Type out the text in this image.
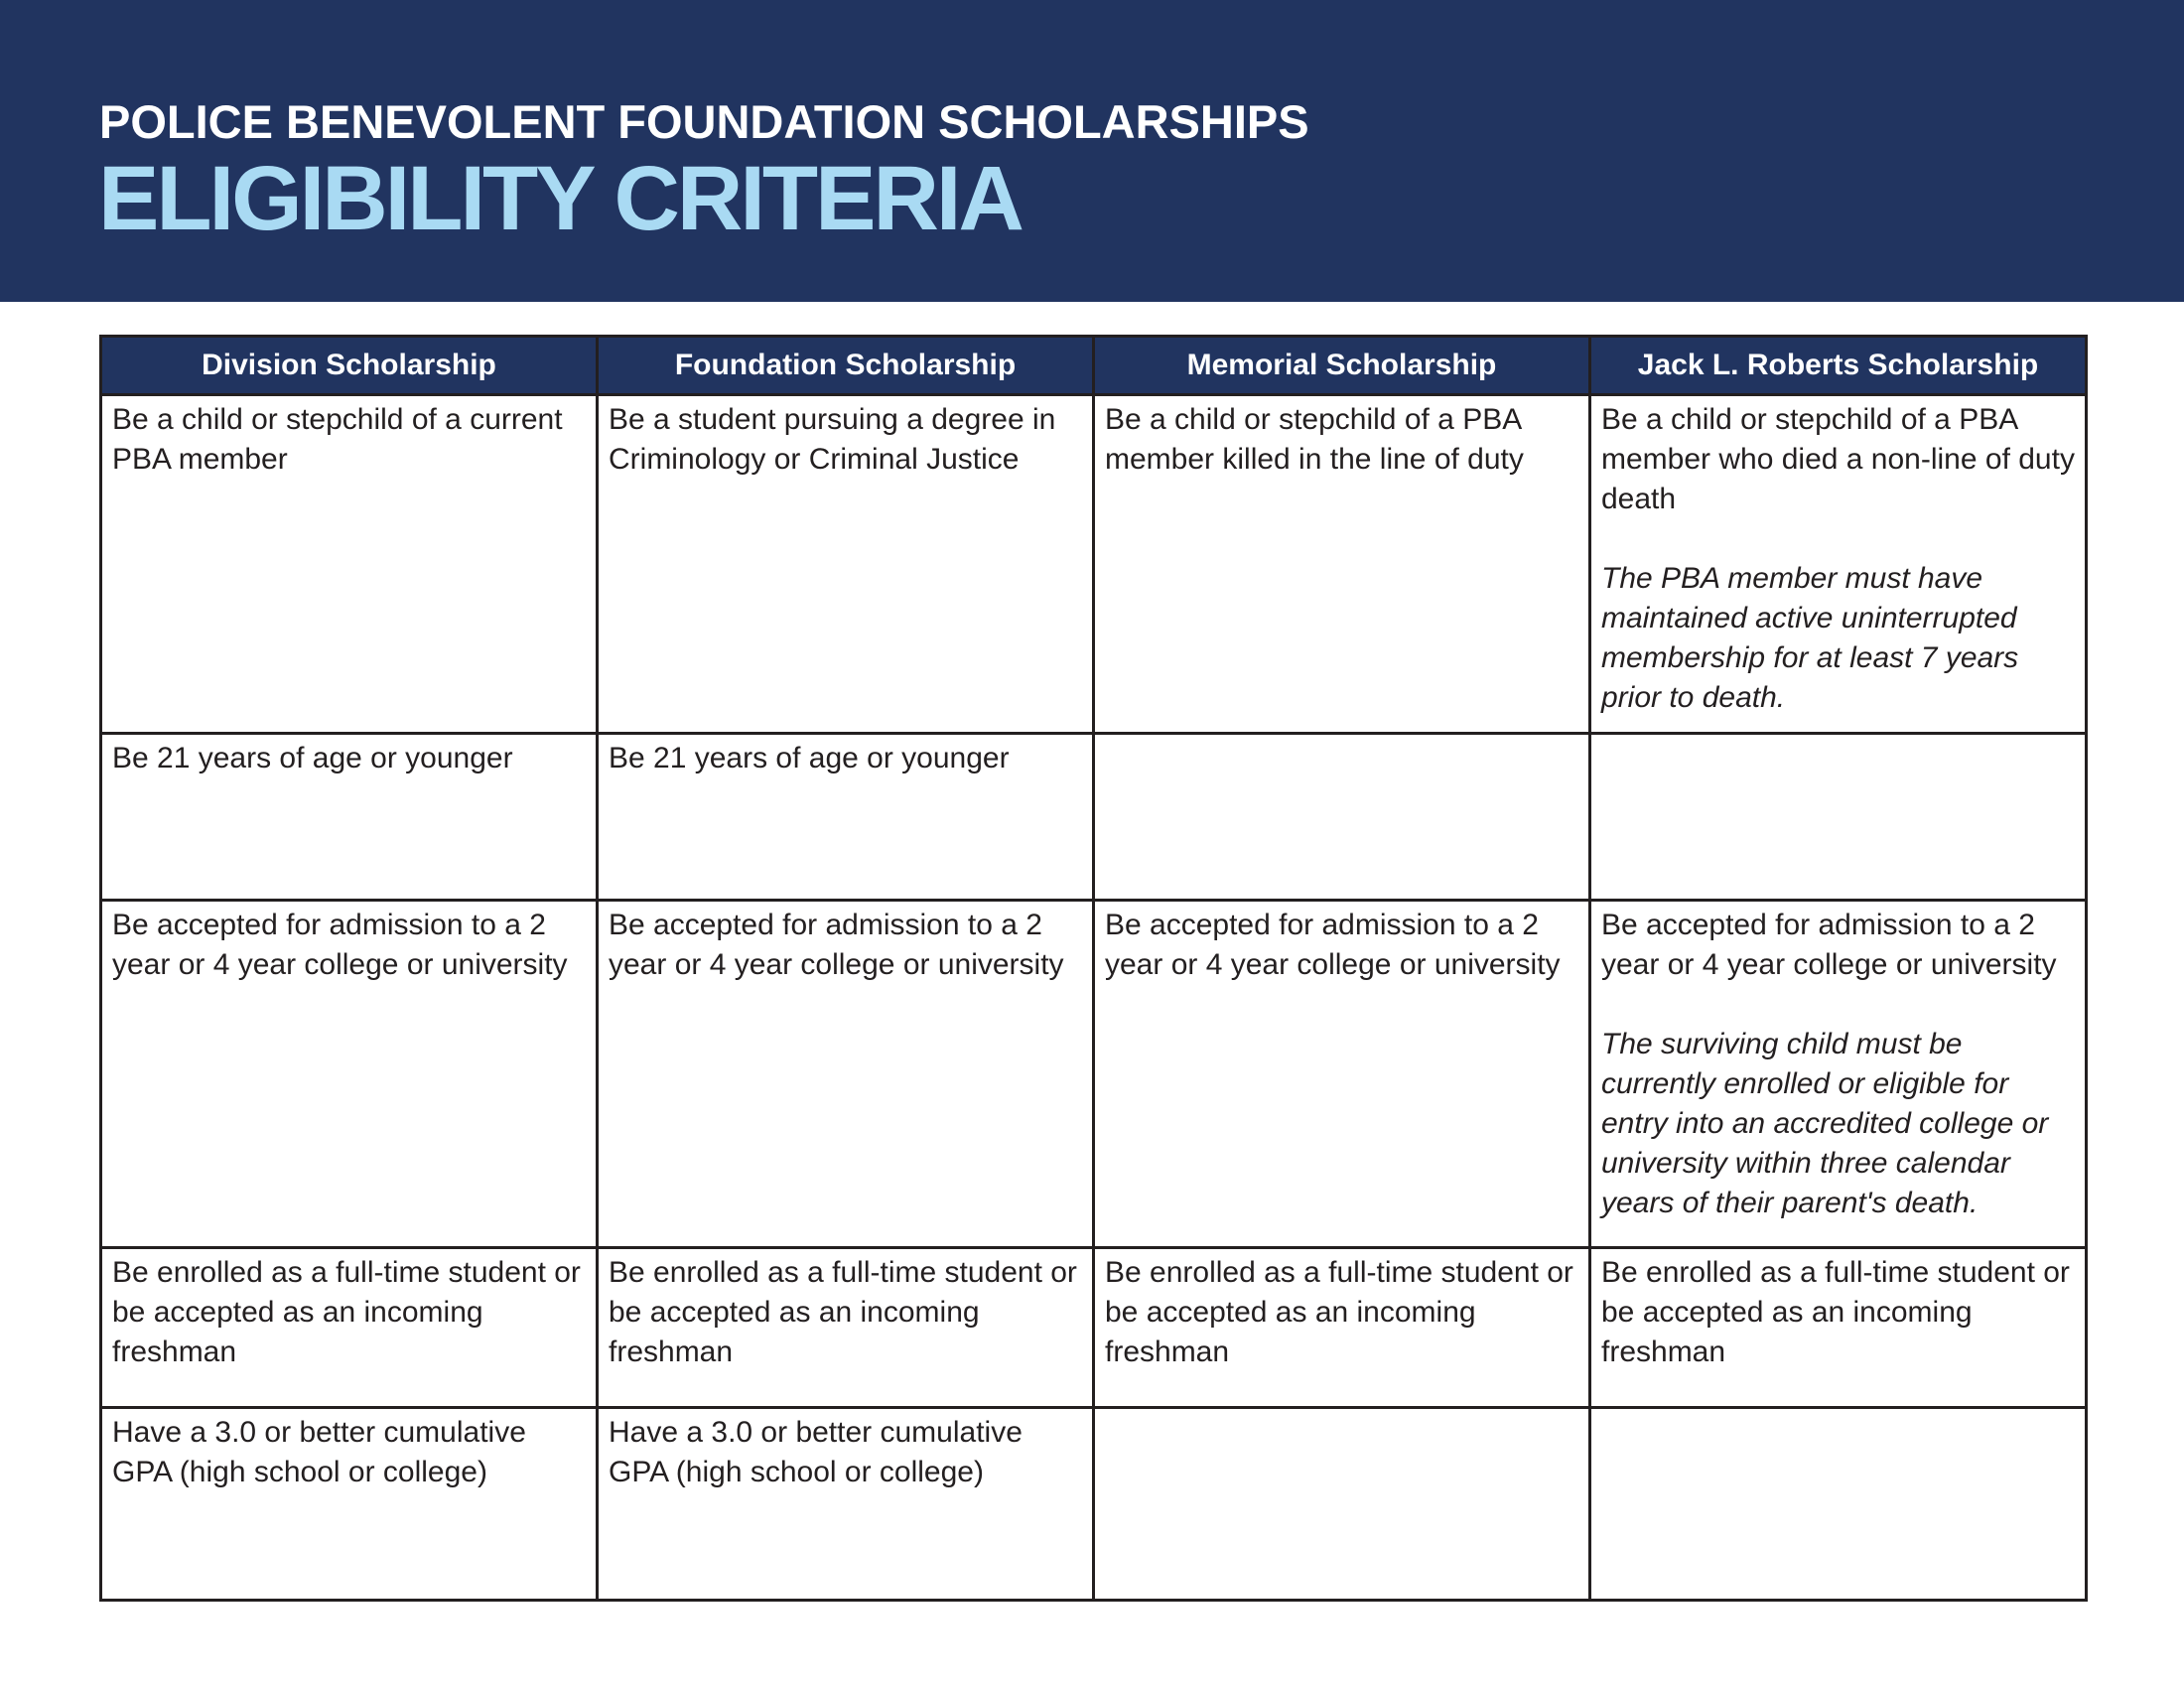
POLICE BENEVOLENT FOUNDATION SCHOLARSHIPS
ELIGIBILITY CRITERIA
Division Scholarship	Foundation Scholarship	Memorial Scholarship	Jack L. Roberts Scholarship

Be a child or stepchild of a current PBA member	Be a student pursuing a degree in Criminology or Criminal Justice	Be a child or stepchild of a PBA member killed in the line of duty	Be a child or stepchild of a PBA member who died a non-line of duty death

The PBA member must have maintained active uninterrupted membership for at least 7 years prior to death.

Be 21 years of age or younger	Be 21 years of age or younger		

Be accepted for admission to a 2 year or 4 year college or university	Be accepted for admission to a 2 year or 4 year college or university	Be accepted for admission to a 2 year or 4 year college or university	Be accepted for admission to a 2 year or 4 year college or university

The surviving child must be currently enrolled or eligible for entry into an accredited college or university within three calendar years of their parent's death.

Be enrolled as a full-time student or be accepted as an incoming freshman	Be enrolled as a full-time student or be accepted as an incoming freshman	Be enrolled as a full-time student or be accepted as an incoming freshman	Be enrolled as a full-time student or be accepted as an incoming freshman

Have a 3.0 or better cumulative GPA (high school or college)	Have a 3.0 or better cumulative GPA (high school or college)		
